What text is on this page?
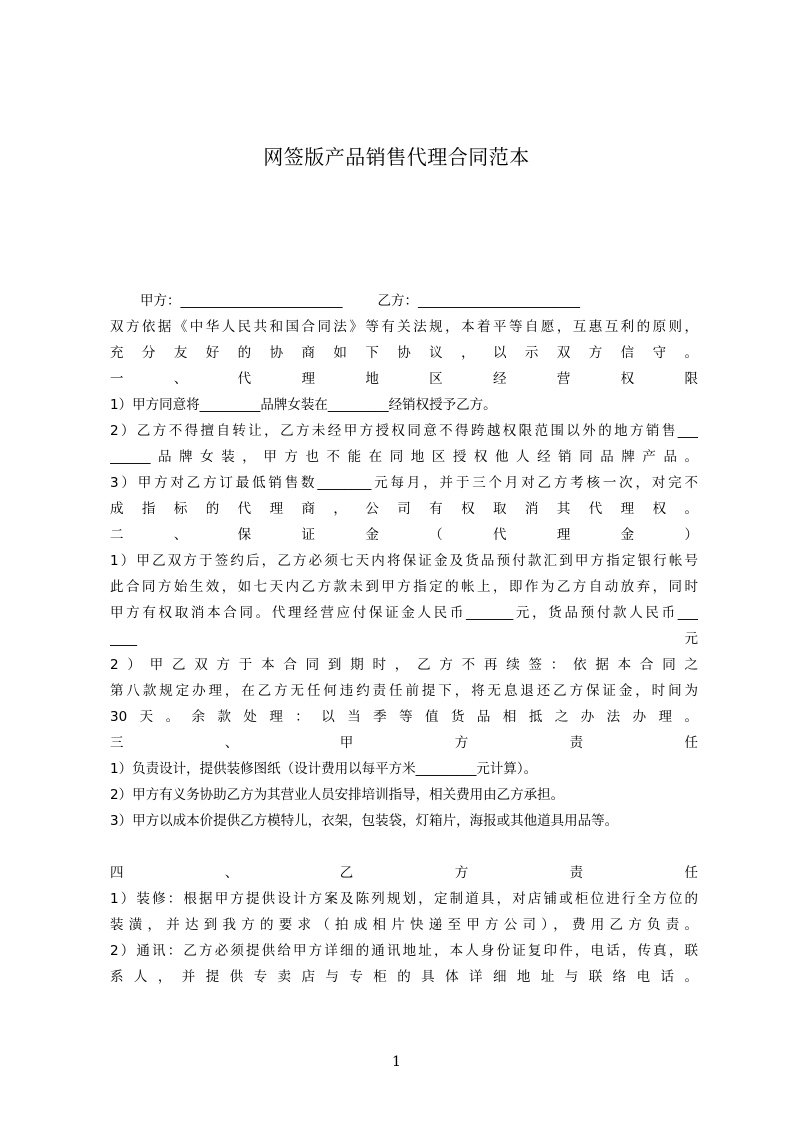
网签版产品销售代理合同范本
甲方：________________________	乙方：________________________
双方依据《中华人民共和国合同法》等有关法规，本着平等自愿，互惠互利的原则，
充分友好的协商如下协议，以示双方信守。
一、代理地区经营权限
1）甲方同意将_________品牌女装在_________经销权授予乙方。
2）乙方不得擅自转让，乙方未经甲方授权同意不得跨越权限范围以外的地方销售___
______品牌女装，甲方也不能在同地区授权他人经销同品牌产品。
3）甲方对乙方订最低销售数________元每月，并于三个月对乙方考核一次，对完不
成指标的代理商，公司有权取消其代理权。
二、保证金（代理金）
1）甲乙双方于签约后，乙方必须七天内将保证金及货品预付款汇到甲方指定银行帐号
此合同方始生效，如七天内乙方款未到甲方指定的帐上，即作为乙方自动放弃，同时
甲方有权取消本合同。代理经营应付保证金人民币_______元，货品预付款人民币___
____元
2）甲乙双方于本合同到期时，乙方不再续签：依据本合同之
第八款规定办理，在乙方无任何违约责任前提下，将无息退还乙方保证金，时间为
30天。余款处理：以当季等值货品相抵之办法办理。
三、甲方责任
1）负责设计，提供装修图纸（设计费用以每平方米_________元计算）。
2）甲方有义务协助乙方为其营业人员安排培训指导，相关费用由乙方承担。
3）甲方以成本价提供乙方模特儿，衣架，包装袋，灯箱片，海报或其他道具用品等。
四、乙方责任
1）装修：根据甲方提供设计方案及陈列规划，定制道具，对店铺或柜位进行全方位的
装潢，并达到我方的要求（拍成相片快递至甲方公司），费用乙方负责。
2）通讯：乙方必须提供给甲方详细的通讯地址，本人身份证复印件，电话，传真，联
系人，并提供专卖店与专柜的具体详细地址与联络电话。
1
